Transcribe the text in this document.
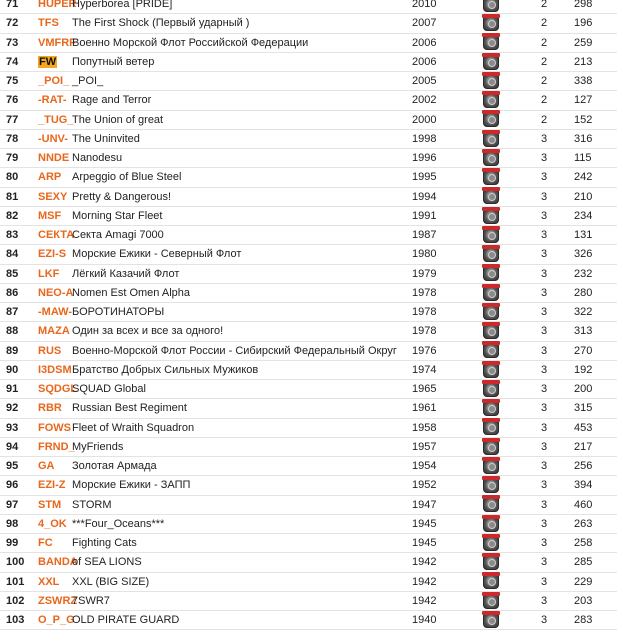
71	HUPER	Hyperborea [PRIDE]	2010		2	298	
72	TFS	The First Shock (Первый ударный )	2007		2	196	
73	VMFRF	Военно Морской Флот Российской Федерации	2006		2	259	
74	FW	Попутный ветер	2006		2	213	
75	_POI_	_POI_	2005		2	338	
76	-RAT-	Rage and Terror	2002		2	127	
77	_TUG_	The Union of great	2000		2	152	
78	-UNV-	The Uninvited	1998		3	316	
79	NNDE	Nanodesu	1996		3	115	
80	ARP	Arpeggio of Blue Steel	1995		3	242	
81	SEXY	Pretty & Dangerous!	1994		3	210	
82	MSF	Morning Star Fleet	1991		3	234	
83	СЕКТА	Секта Amagi 7000	1987		3	131	
84	EZI-S	Морские Ежики - Северный Флот	1980		3	326	
85	LKF	Лёгкий Казачий Флот	1979		3	232	
86	NEO-A	Nomen Est Omen Alpha	1978		3	280	
87	-MAW-	БОРОТИНАТОРЫ	1978		3	322	
88	MAZA	Один за всех и все за одного!	1978		3	313	
89	RUS	Военно-Морской Флот России - Сибирский Федеральный Округ	1976		3	270	
90	I3DSM	Братство Добрых Сильных Мужиков	1974		3	192	
91	SQDGL	SQUAD Global	1965		3	200	
92	RBR	Russian Best Regiment	1961		3	315	
93	FOWS	Fleet of Wraith Squadron	1958		3	453	
94	FRND_	MyFriends	1957		3	217	
95	GA	Золотая Армада	1954		3	256	
96	EZI-Z	Морские Ежики - ЗАПП	1952		3	394	
97	STM	STORM	1947		3	460	
98	4_OK	***Four_Oceans***	1945		3	263	
99	FC	Fighting Cats	1945		3	258	
100	BANDA	of SEA LIONS	1942		3	285	
101	XXL	XXL (BIG SIZE)	1942		3	229	
102	ZSWRZ	7SWR7	1942		3	203	
103	O_P_G	OLD PIRATE GUARD	1940		3	283	
